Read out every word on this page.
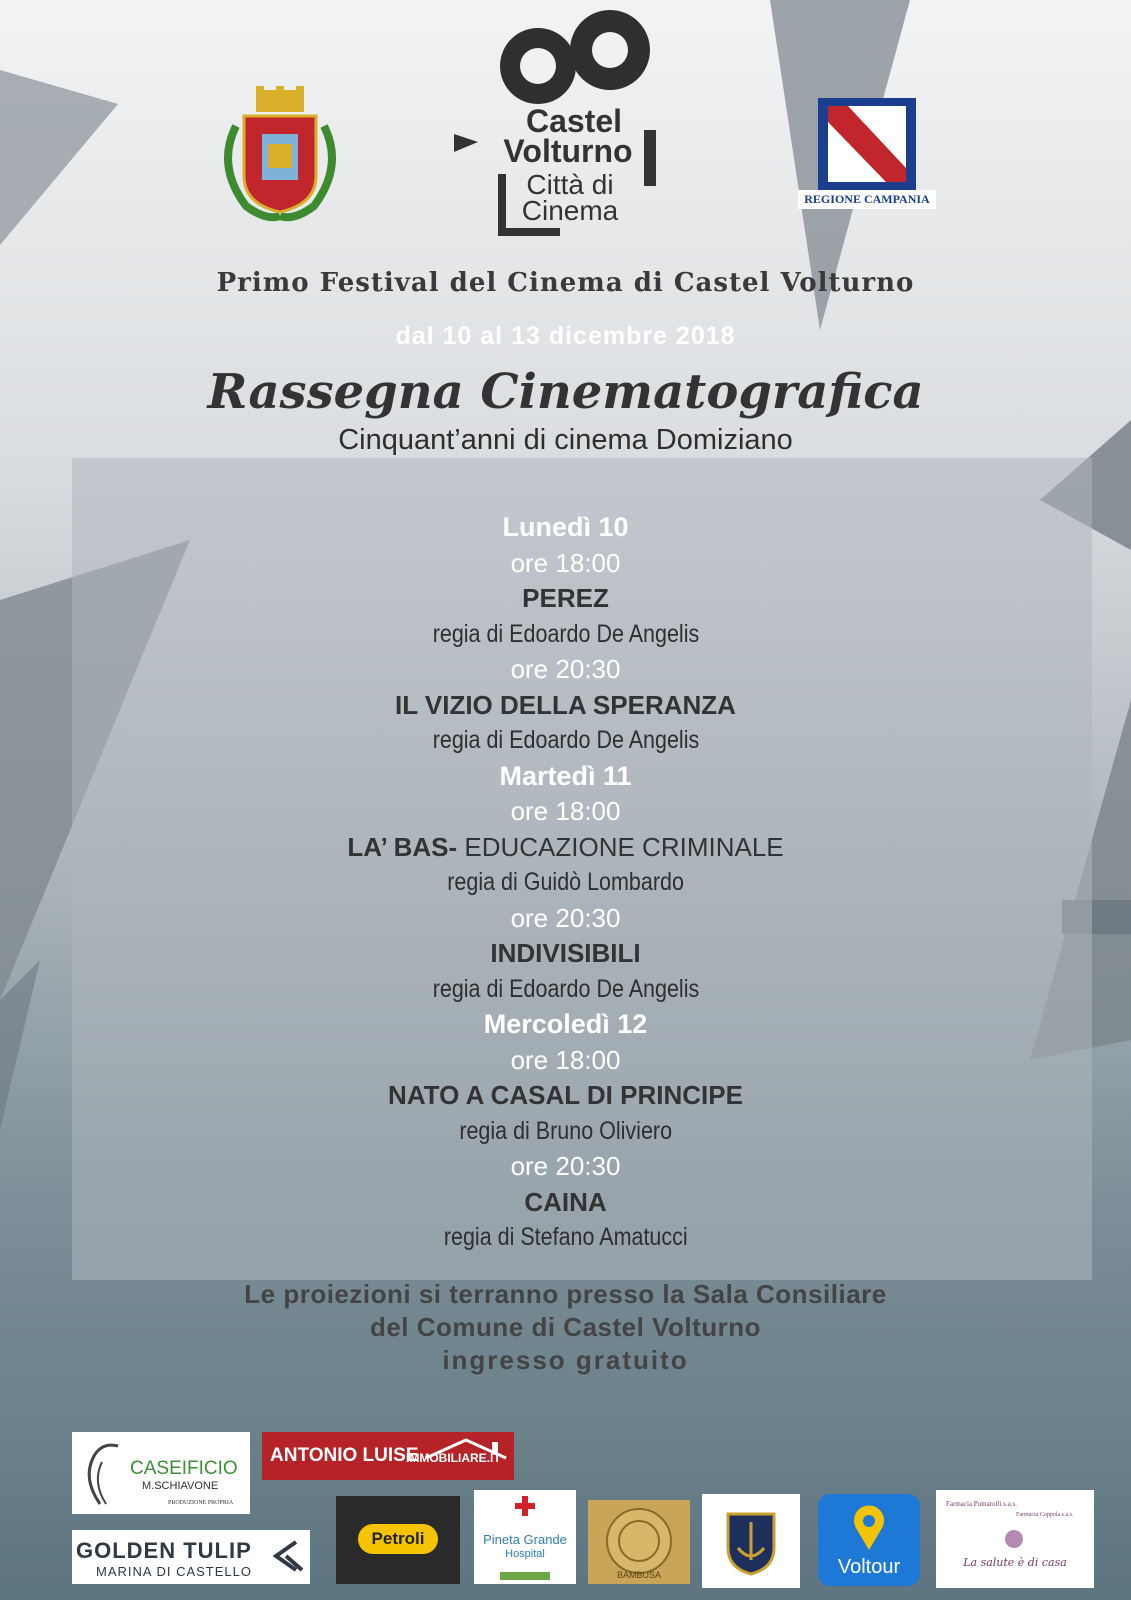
Castel
Volturno
Città di
Cinema	REGIONE CAMPANIA
Primo Festival del Cinema di Castel Volturno
dal 10 al 13 dicembre 2018
Rassegna Cinematografica
Cinquant’anni di cinema Domiziano
Lunedì 10
ore 18:00
PEREZ
regia di Edoardo De Angelis
ore 20:30
IL VIZIO DELLA SPERANZA
regia di Edoardo De Angelis
Martedì 11
ore 18:00
LA’ BAS- EDUCAZIONE CRIMINALE
regia di Guidò Lombardo
ore 20:30
INDIVISIBILI
regia di Edoardo De Angelis
Mercoledì 12
ore 18:00
NATO A CASAL DI PRINCIPE
regia di Bruno Oliviero
ore 20:30
CAINA
regia di Stefano Amatucci
Le proiezioni si terranno presso la Sala Consiliare
del Comune di Castel Volturno
ingresso gratuito
CASEIFICIO
M.SCHIAVONE
PRODUZIONE PROPRIA
ANTONIO LUISE
IMMOBILIARE.IT
GOLDEN TULIP
MARINA DI CASTELLO
Petroli	Pineta Grande
Hospital
BAMBUSA	Voltour
Farmacia Pumarolli s.a.s.
Farmacia Coppola s.a.s.
La salute è di casa
